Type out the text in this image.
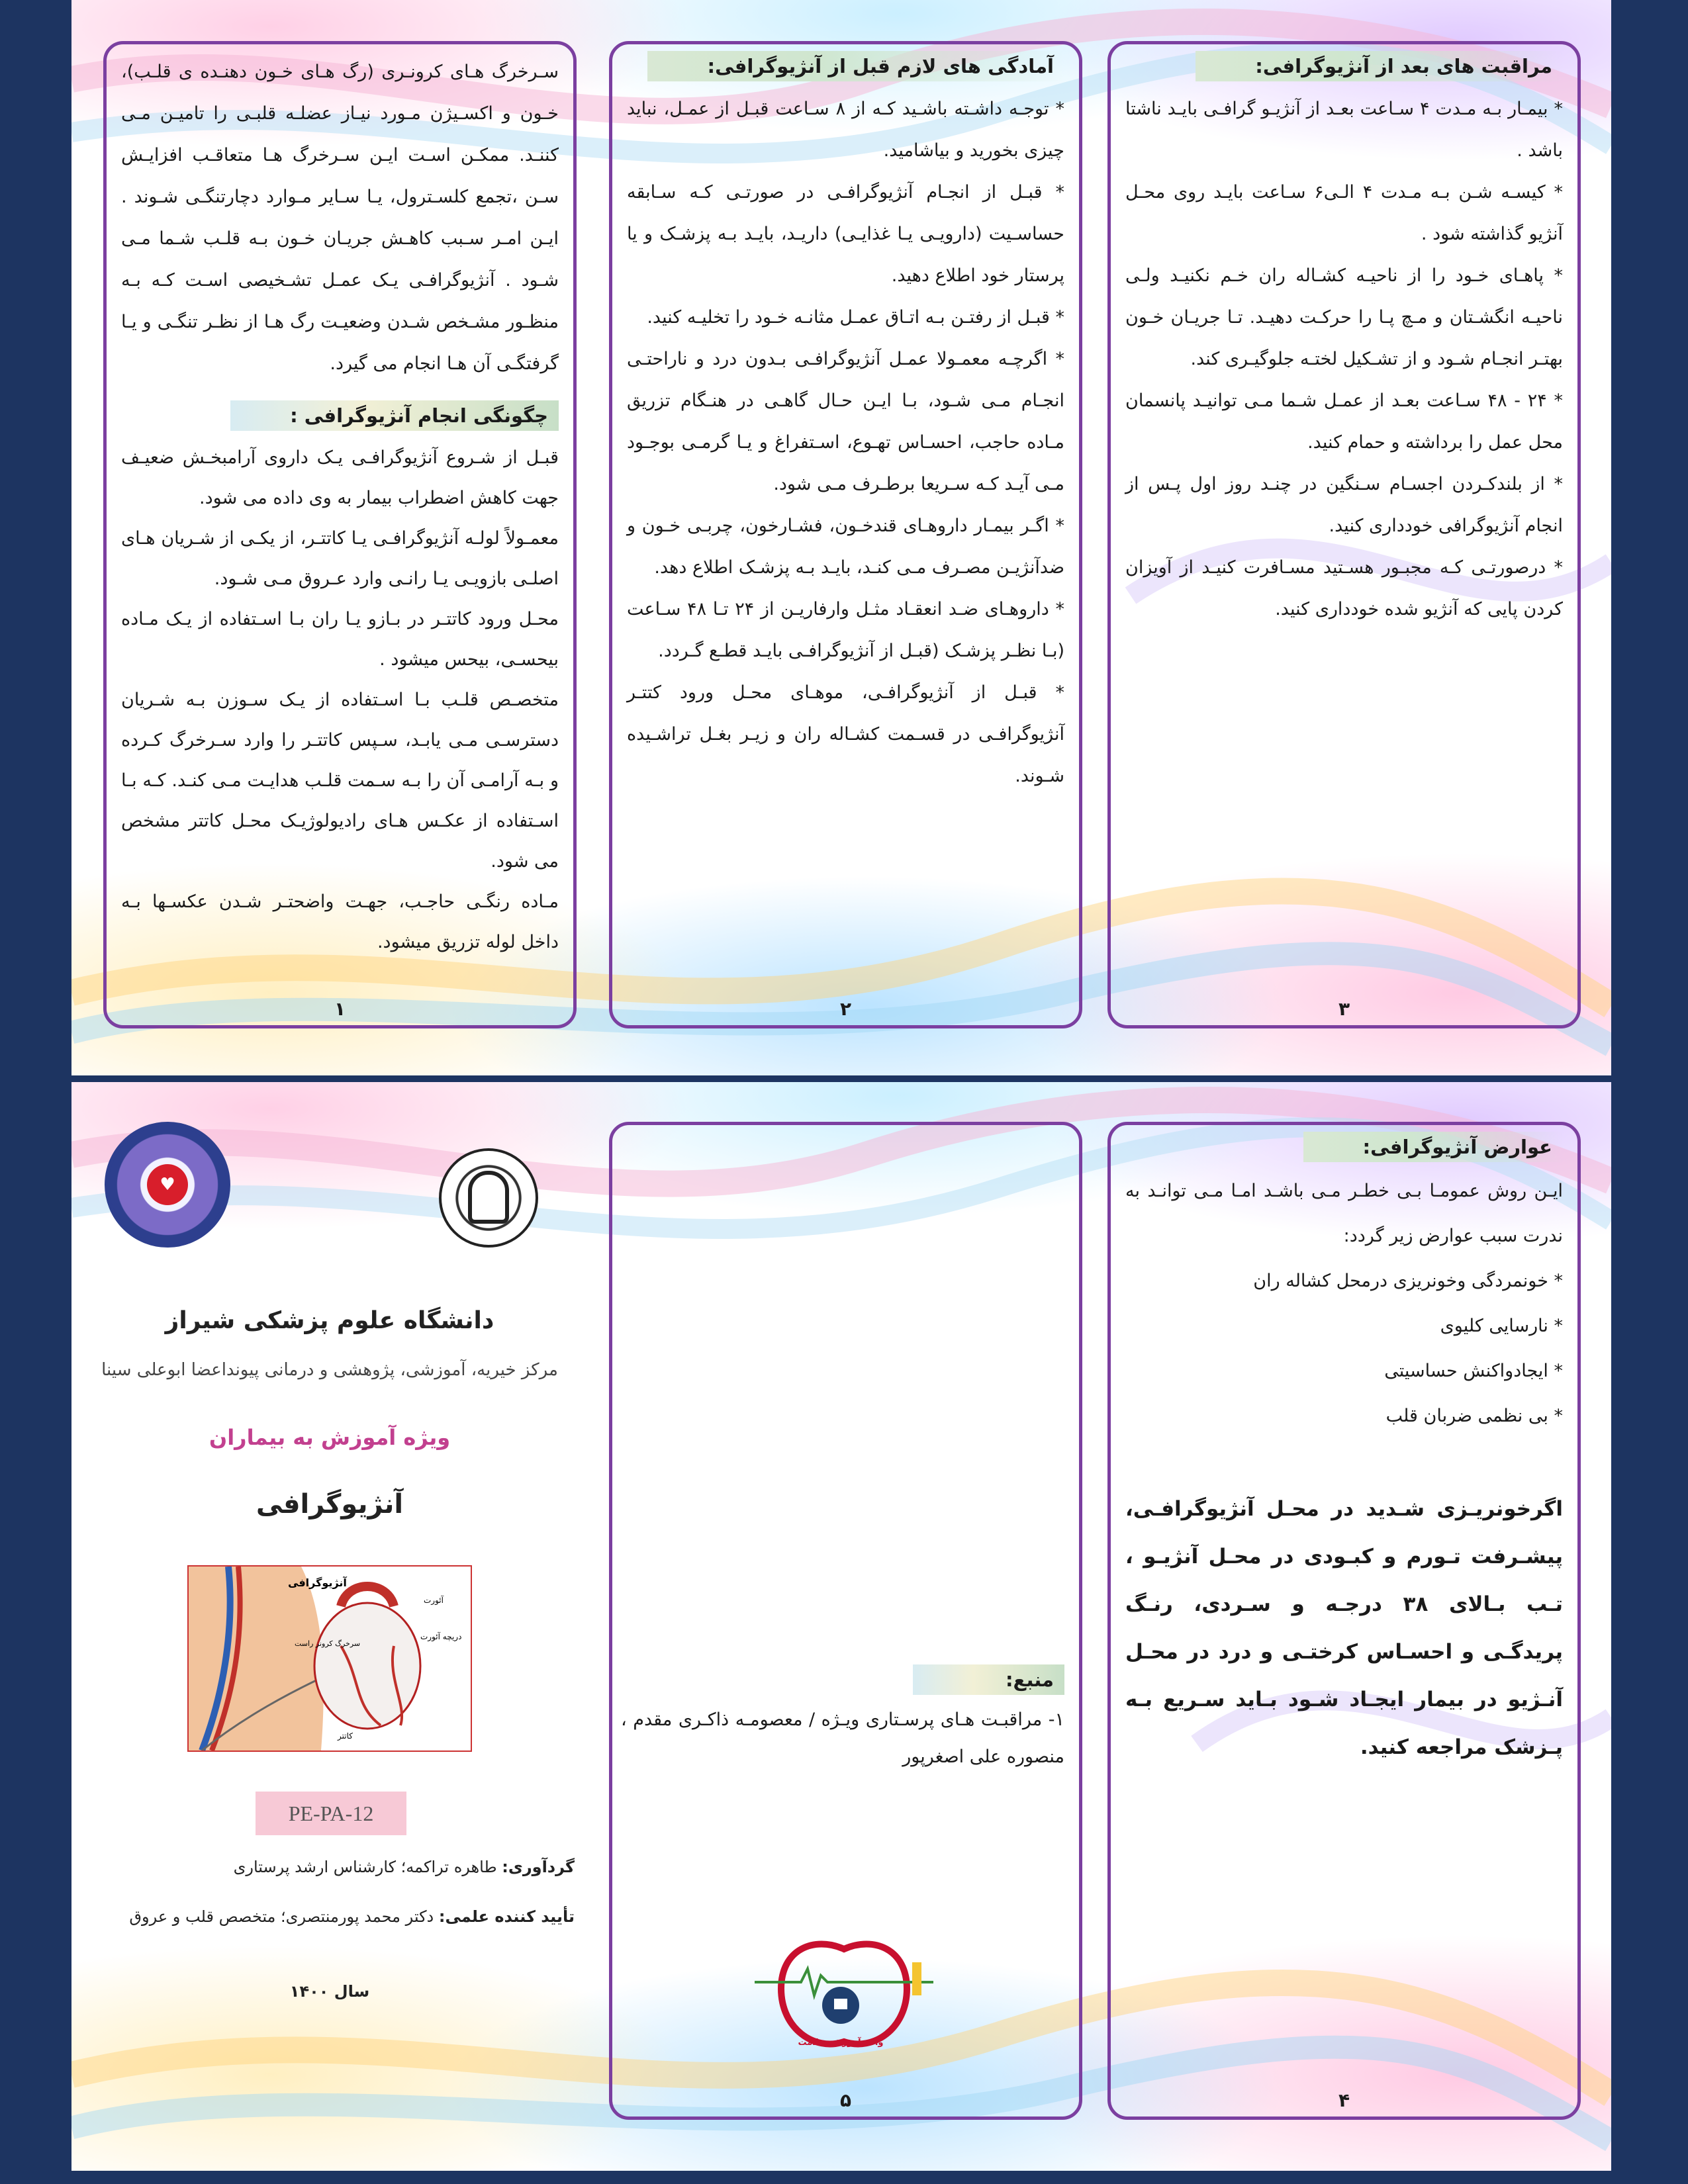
سـرخرگ هـای کرونـری (رگ هـای خـون دهنـده ی قلـب)، خـون و اکسـیژن مـورد نیـاز عضلـه قلبـی را تامیـن مـی کننـد. ممکـن اسـت ایـن سـرخرگ هـا متعاقـب افزایـش سـن ،تجمع کلسـترول، یـا سـایر مـوارد دچارتنگـی شـوند . ایـن امـر سـبب کاهـش جریـان خـون بـه قلـب شـما مـی شـود . آنژیوگرافـی یـک عمـل تشـخیصی اسـت کـه بـه منظـور مشـخص شـدن وضعیـت رگ هـا از نظـر تنگـی و یـا گرفتگـی آن هـا انجام می گیرد.

چگونگی انجام آنژیوگرافی :

قبـل از شـروع آنژیوگرافـی یـک داروی آرامبخـش ضعیـف جهت کاهش اضطراب بیمار به وی داده می شود.

معمـولاً لولـه آنژیوگرافـی یـا کاتتـر، از یکـی از شـریان هـای اصلـی بازویـی یـا رانـی وارد عـروق مـی شـود.

محـل ورود کاتتـر در بـازو یـا ران بـا اسـتفاده از یـک مـاده بیحسـی، بیحس میشود .

متخصـص قلـب بـا اسـتفاده از یـک سـوزن بـه شـریان دسترسـی مـی یابـد، سـپس کاتتـر را وارد سـرخرگ کـرده و بـه آرامـی آن را بـه سـمت قلـب هدایـت مـی کنـد. کـه بـا اسـتفاده از عکـس هـای رادیولوژیـک محـل کاتتر مشخص می شود.

مـاده رنگـی حاجـب، جهـت واضحتـر شـدن عکسـها بـه داخل لوله تزریق میشود.

۱
آمادگی های لازم قبل از آنژیوگرافی:

* توجـه داشـته باشـید کـه از ۸ سـاعت قبـل از عمـل، نباید چیزی بخورید و بیاشامید.

* قبـل از انجـام آنژیوگرافـی در صورتـی کـه سـابقه حساسـیت (دارویـی یـا غذایـی) داریـد، بایـد بـه پزشـک و یا پرستار خود اطلاع دهید.

* قبـل از رفتـن بـه اتـاق عمـل مثانـه خـود را تخلیـه کنید.

* اگرچـه معمـولا عمـل آنژیوگرافـی بـدون درد و ناراحتـی انجـام مـی شـود، بـا ایـن حـال گاهـی در هنـگام تزریق مـاده حاجب، احسـاس تهـوع، اسـتفراغ و یـا گرمـی بوجـود مـی آیـد کـه سـریعا برطـرف مـی شود.

* اگـر بیمـار داروهـای قندخـون، فشـارخون، چربـی خـون و ضدآنژیـن مصـرف مـی کنـد، بایـد بـه پزشـک اطلاع دهد.

* داروهـای ضـد انعقـاد مثـل وارفاریـن از ۲۴ تـا ۴۸ سـاعت (بـا نظـر پزشـک (قبـل از آنژیوگرافـی بایـد قطـع گـردد.

* قبـل از آنژیوگرافـی، موهـای محـل ورود کتتـر آنژیوگرافـی در قسـمت کشـاله ران و زیـر بغـل تراشـیده شـوند.

۲
مراقبت های بعد از آنژیوگرافی:

* بیمـار بـه مـدت ۴ سـاعت بعـد از آنژیـو گرافـی بایـد ناشتا باشد .

* کیسـه شـن بـه مـدت ۴ الـی۶ سـاعت بایـد روی محـل آنژیو گذاشته شود .

* پاهـای خـود را از ناحیـه کشـاله ران خـم نکنیـد ولـی ناحیـه انگشـتان و مـچ پـا را حرکـت دهیـد. تـا جریـان خـون بهتـر انجـام شـود و از تشـکیل لختـه جلوگیـری کند.

* ۲۴ - ۴۸ سـاعت بعـد از عمـل شـما مـی توانیـد پانسمان محل عمل را برداشته و حمام کنید.

* از بلندکـردن اجسـام سـنگین در چنـد روز اول پـس از انجام آنژیوگرافی خودداری کنید.

* درصورتـی کـه مجبـور هسـتید مسـافرت کنیـد از آویزان کردن پایی که آنژیو شده خودداری کنید.

۳
♥
دانشگاه علوم پزشکی شیراز
مرکز خیریه، آموزشی، پژوهشی و درمانی پیونداعضا ابوعلی سینا
ویژه آموزش به بیماران
آنژیوگرافی
آنژیوگرافی
آئورت
دریچه آئورت
سرخرگ کرونر راست
کاتتر
PE-PA-12
گردآوری: طاهره تراکمه؛ کارشناس ارشد پرستاری
تأیید کننده علمی: دکتر محمد پورمنتصری؛ متخصص قلب و عروق
سال ۱۴۰۰
منبع:

۱- مراقبـت هـای پرسـتاری ویـژه / معصومـه ذاکـری مقدم ، منصوره علی اصغرپور

واحد آموزش سلامت
۵
عوارض آنژیوگرافی:

ایـن روش عمومـا بـی خطـر مـی باشـد امـا مـی توانـد به ندرت سبب عوارض زیر گردد:

* خونمردگی وخونریزی درمحل کشاله ران

* نارسایی کلیوی

* ایجادواکنش حساسیتی

* بی نظمی ضربان قلب

اگرخونریـزی شـدید در محـل آنژیوگرافـی، پیشـرفت تـورم و کبـودی در محـل آنژیـو ، تـب بـالای ۳۸ درجـه و سـردی، رنـگ پریدگـی و احسـاس کرختـی و درد در محـل آنـژیو در بیمار ایجـاد شـود بـاید سـریع بـه پـزشک مراجعه کنید.

۴
